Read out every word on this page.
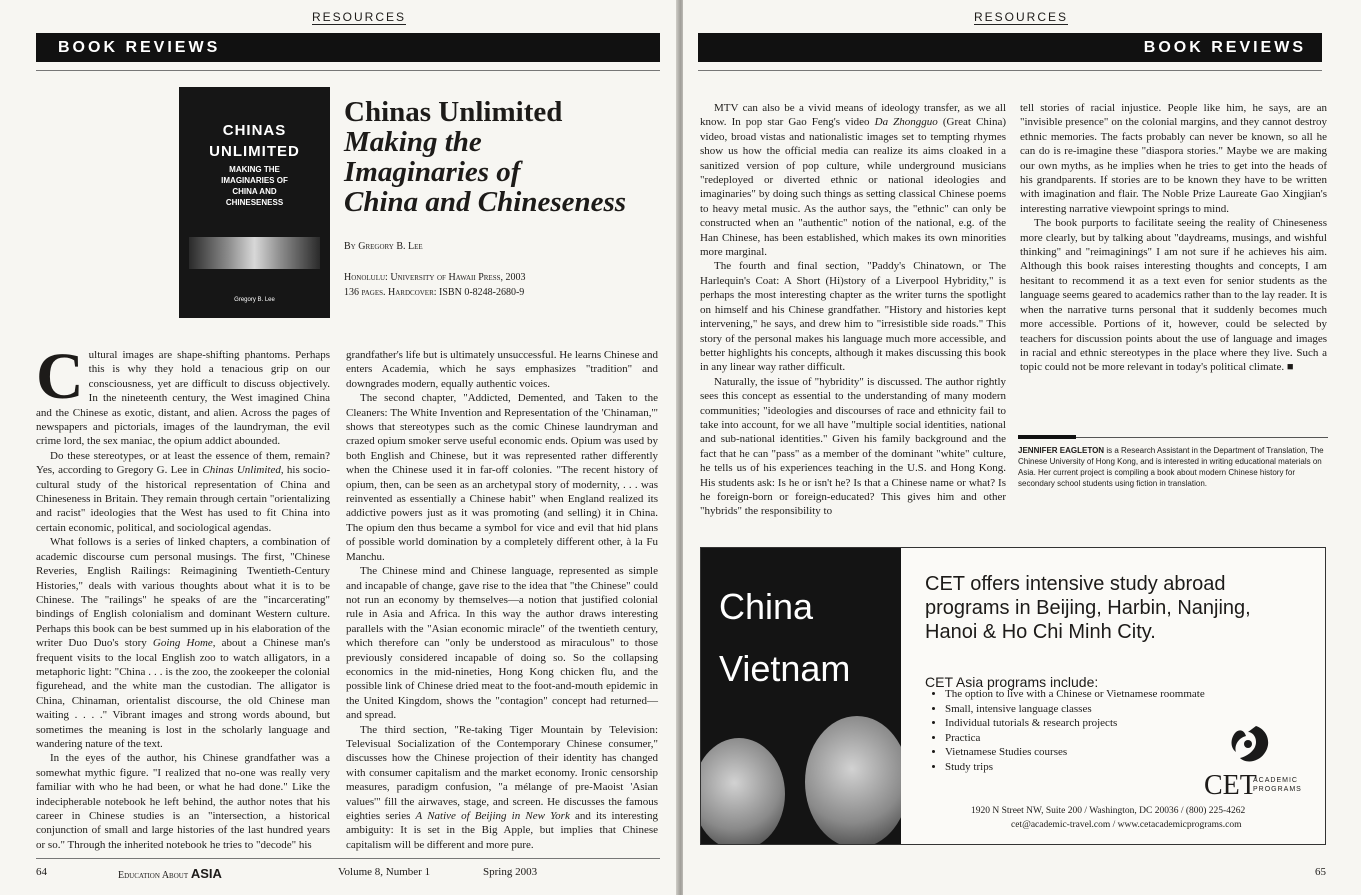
RESOURCES
BOOK REVIEWS
CHINAS
UNLIMITED
MAKING THE
IMAGINARIES OF
CHINA AND
CHINESENESS
Gregory B. Lee
Chinas Unlimited
Making the
Imaginaries of
China and Chineseness
By Gregory B. Lee
Honolulu: University of Hawaii Press, 2003
136 pages. Hardcover: ISBN 0-8248-2680-9

Cultural images are shape-shifting phantoms. Perhaps this is why they hold a tenacious grip on our consciousness, yet are difficult to discuss objectively. In the nineteenth century, the West imagined China and the Chinese as exotic, distant, and alien. Across the pages of newspapers and pictorials, images of the laundryman, the evil crime lord, the sex maniac, the opium addict abounded.

Do these stereotypes, or at least the essence of them, remain? Yes, according to Gregory G. Lee in Chinas Unlimited, his socio-cultural study of the historical representation of China and Chineseness in Britain. They remain through certain "orientalizing and racist" ideologies that the West has used to fit China into certain economic, political, and sociological agendas.

What follows is a series of linked chapters, a combination of academic discourse cum personal musings. The first, "Chinese Reveries, English Railings: Reimagining Twentieth-Century Histories," deals with various thoughts about what it is to be Chinese. The "railings" he speaks of are the "incarcerating" bindings of English colonialism and dominant Western culture. Perhaps this book can be best summed up in his elaboration of the writer Duo Duo's story Going Home, about a Chinese man's frequent visits to the local English zoo to watch alligators, in a metaphoric light: "China . . . is the zoo, the zookeeper the colonial figurehead, and the white man the custodian. The alligator is China, Chinaman, orientalist discourse, the old Chinese man waiting . . . ." Vibrant images and strong words abound, but sometimes the meaning is lost in the scholarly language and wandering nature of the text.

In the eyes of the author, his Chinese grandfather was a somewhat mythic figure. "I realized that no-one was really very familiar with who he had been, or what he had done." Like the indecipherable notebook he left behind, the author notes that his career in Chinese studies is an "intersection, a historical conjunction of small and large histories of the last hundred years or so." Through the inherited notebook he tries to "decode" his

grandfather's life but is ultimately unsuccessful. He learns Chinese and enters Academia, which he says emphasizes "tradition" and downgrades modern, equally authentic voices.

The second chapter, "Addicted, Demented, and Taken to the Cleaners: The White Invention and Representation of the 'Chinaman,'" shows that stereotypes such as the comic Chinese laundryman and crazed opium smoker serve useful economic ends. Opium was used by both English and Chinese, but it was represented rather differently when the Chinese used it in far-off colonies. "The recent history of opium, then, can be seen as an archetypal story of modernity, . . . was reinvented as essentially a Chinese habit" when England realized its addictive powers just as it was promoting (and selling) it in China. The opium den thus became a symbol for vice and evil that hid plans of possible world domination by a completely different other, à la Fu Manchu.

The Chinese mind and Chinese language, represented as simple and incapable of change, gave rise to the idea that "the Chinese" could not run an economy by themselves—a notion that justified colonial rule in Asia and Africa. In this way the author draws interesting parallels with the "Asian economic miracle" of the twentieth century, which therefore can "only be understood as miraculous" to those previously considered incapable of doing so. So the collapsing economics in the mid-nineties, Hong Kong chicken flu, and the possible link of Chinese dried meat to the foot-and-mouth epidemic in the United Kingdom, shows the "contagion" concept had returned—and spread.

The third section, "Re-taking Tiger Mountain by Television: Televisual Socialization of the Contemporary Chinese consumer," discusses how the Chinese projection of their identity has changed with consumer capitalism and the market economy. Ironic censorship measures, paradigm confusion, "a mélange of pre-Maoist 'Asian values'" fill the airwaves, stage, and screen. He discusses the famous eighties series A Native of Beijing in New York and its interesting ambiguity: It is set in the Big Apple, but implies that Chinese capitalism will be different and more pure.

64	Education About ASIA	Volume 8, Number 1	Spring 2003
RESOURCES
BOOK REVIEWS

MTV can also be a vivid means of ideology transfer, as we all know. In pop star Gao Feng's video Da Zhongguo (Great China) video, broad vistas and nationalistic images set to tempting rhymes show us how the official media can realize its aims cloaked in a sanitized version of pop culture, while underground musicians "redeployed or diverted ethnic or national ideologies and imaginaries" by doing such things as setting classical Chinese poems to heavy metal music. As the author says, the "ethnic" can only be constructed when an "authentic" notion of the national, e.g. of the Han Chinese, has been established, which makes its own minorities more marginal.

The fourth and final section, "Paddy's Chinatown, or The Harlequin's Coat: A Short (Hi)story of a Liverpool Hybridity," is perhaps the most interesting chapter as the writer turns the spotlight on himself and his Chinese grandfather. "History and histories kept intervening," he says, and drew him to "irresistible side roads." This story of the personal makes his language much more accessible, and better highlights his concepts, although it makes discussing this book in any linear way rather difficult.

Naturally, the issue of "hybridity" is discussed. The author rightly sees this concept as essential to the understanding of many modern communities; "ideologies and discourses of race and ethnicity fail to take into account, for we all have "multiple social identities, national and sub-national identities." Given his family background and the fact that he can "pass" as a member of the dominant "white" culture, he tells us of his experiences teaching in the U.S. and Hong Kong. His students ask: Is he or isn't he? Is that a Chinese name or what? Is he foreign-born or foreign-educated? This gives him and other "hybrids" the responsibility to

tell stories of racial injustice. People like him, he says, are an "invisible presence" on the colonial margins, and they cannot destroy ethnic memories. The facts probably can never be known, so all he can do is re-imagine these "diaspora stories." Maybe we are making our own myths, as he implies when he tries to get into the heads of his grandparents. If stories are to be known they have to be written with imagination and flair. The Noble Prize Laureate Gao Xingjian's interesting narrative viewpoint springs to mind.

The book purports to facilitate seeing the reality of Chineseness more clearly, but by talking about "daydreams, musings, and wishful thinking" and "reimaginings" I am not sure if he achieves his aim. Although this book raises interesting thoughts and concepts, I am hesitant to recommend it as a text even for senior students as the language seems geared to academics rather than to the lay reader. It is when the narrative turns personal that it suddenly becomes much more accessible. Portions of it, however, could be selected by teachers for discussion points about the use of language and images in racial and ethnic stereotypes in the place where they live. Such a topic could not be more relevant in today's political climate. ■

JENNIFER EAGLETON is a Research Assistant in the Department of Translation, The Chinese University of Hong Kong, and is interested in writing educational materials on Asia. Her current project is compiling a book about modern Chinese history for secondary school students using fiction in translation.
China
Vietnam
CET offers intensive study abroad
programs in Beijing, Harbin, Nanjing,
Hanoi & Ho Chi Minh City.
CET Asia programs include:
• The option to live with a Chinese or Vietnamese roommate
• Small, intensive language classes
• Individual tutorials & research projects
• Practica
• Vietnamese Studies courses
• Study trips
CET
ACADEMIC
PROGRAMS
1920 N Street NW, Suite 200 / Washington, DC 20036 / (800) 225-4262
cet@academic-travel.com / www.cetacademicprograms.com
65
